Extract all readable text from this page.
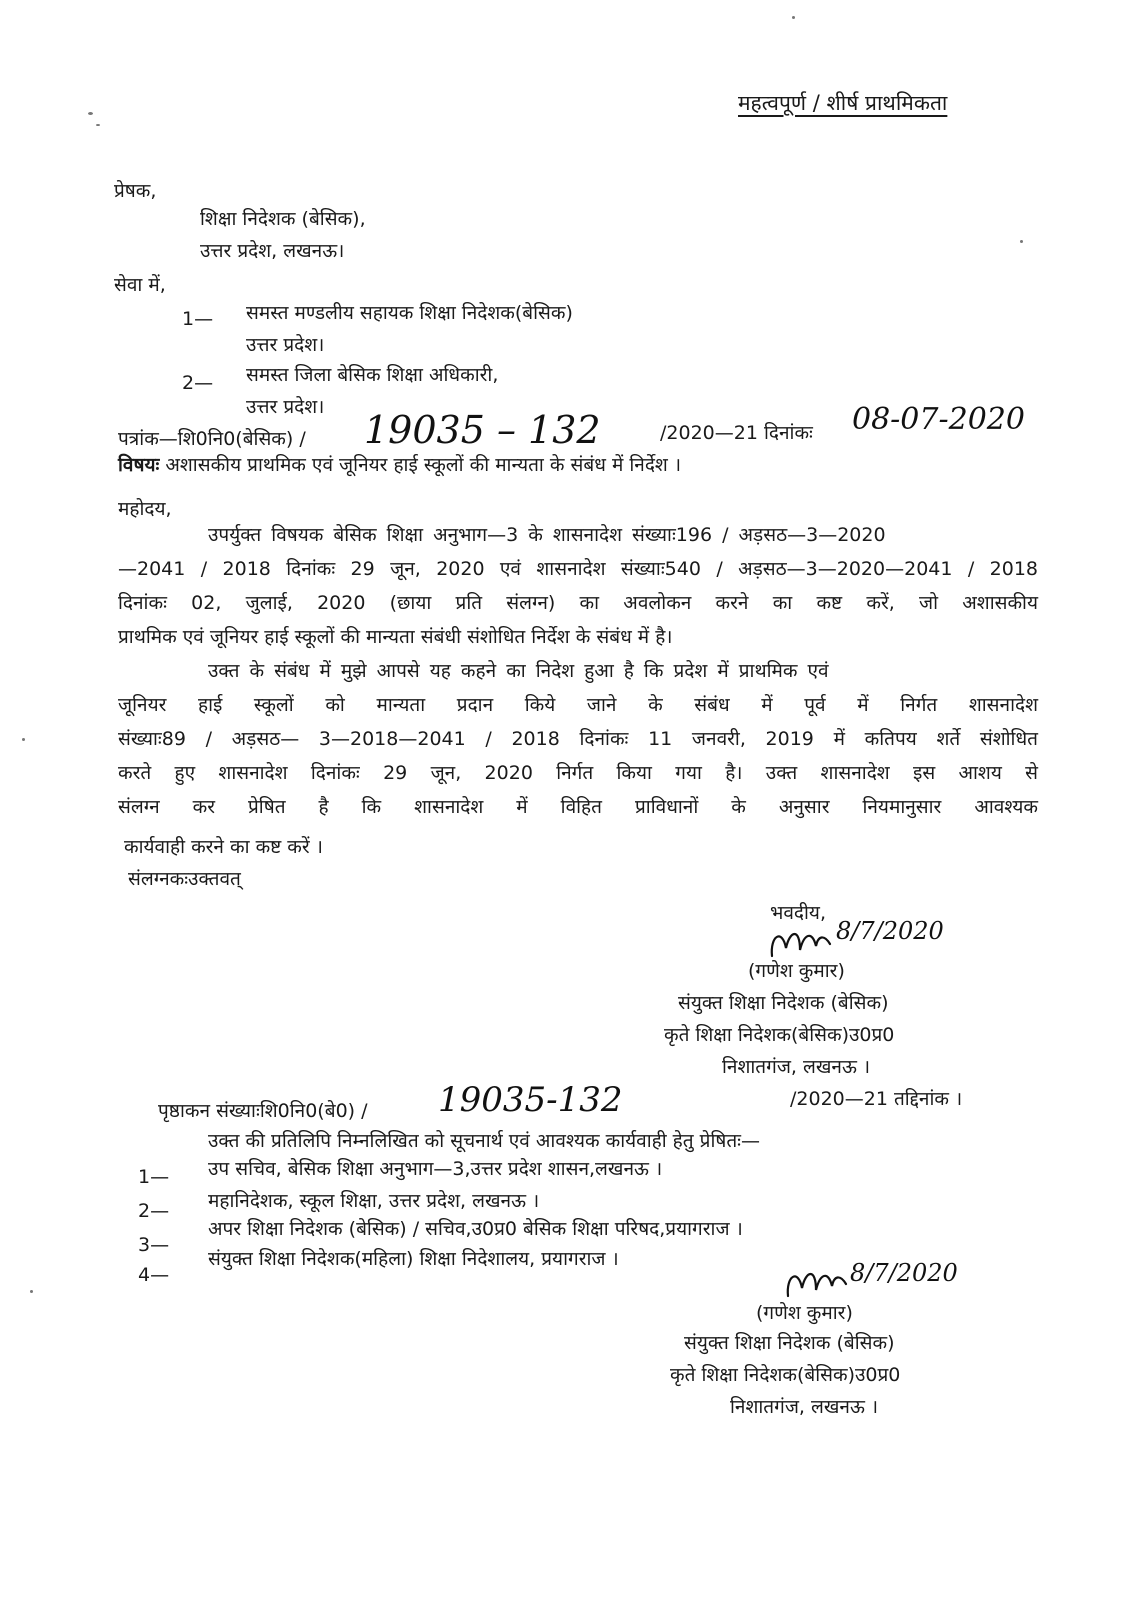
महत्वपूर्ण / शीर्ष प्राथमिकता
प्रेषक,
शिक्षा निदेशक (बेसिक),
उत्तर प्रदेश, लखनऊ।
सेवा में,
1— समस्त मण्डलीय सहायक शिक्षा निदेशक(बेसिक)
उत्तर प्रदेश।
2— समस्त जिला बेसिक शिक्षा अधिकारी,
उत्तर प्रदेश।
पत्रांक—शि0नि0(बेसिक) / 19035 – 132	/2020—21 दिनांकः 08-07-2020
विषयः अशासकीय प्राथमिक एवं जूनियर हाई स्कूलों की मान्यता के संबंध में निर्देश ।
महोदय,
उपर्युक्त विषयक बेसिक शिक्षा अनुभाग—3 के शासनादेश संख्याः196 / अड़सठ—3—2020
—2041 / 2018 दिनांकः 29 जून, 2020 एवं शासनादेश संख्याः540 / अड़सठ—3—2020—2041 / 2018
दिनांकः 02, जुलाई, 2020 (छाया प्रति संलग्न) का अवलोकन करने का कष्ट करें, जो अशासकीय
प्राथमिक एवं जूनियर हाई स्कूलों की मान्यता संबंधी संशोधित निर्देश के संबंध में है।
उक्त के संबंध में मुझे आपसे यह कहने का निदेश हुआ है कि प्रदेश में प्राथमिक एवं
जूनियर हाई स्कूलों को मान्यता प्रदान किये जाने के संबंध में पूर्व में निर्गत शासनादेश
संख्याः89 / अड़सठ— 3—2018—2041 / 2018 दिनांकः 11 जनवरी, 2019 में कतिपय शर्ते संशोधित
करते हुए शासनादेश दिनांकः 29 जून, 2020 निर्गत किया गया है। उक्त शासनादेश इस आशय से
संलग्न कर प्रेषित है कि शासनादेश में विहित प्राविधानों के अनुसार नियमानुसार आवश्यक
कार्यवाही करने का कष्ट करें ।
संलग्नकःउक्तवत्
भवदीय,
8/7/2020
(गणेश कुमार)
संयुक्त शिक्षा निदेशक (बेसिक)
कृते शिक्षा निदेशक(बेसिक)उ0प्र0
निशातगंज, लखनऊ ।
पृष्ठाकन संख्याःशि0नि0(बे0) / 19035-132	/2020—21 तद्दिनांक ।
उक्त की प्रतिलिपि निम्नलिखित को सूचनार्थ एवं आवश्यक कार्यवाही हेतु प्रेषितः—
1— उप सचिव, बेसिक शिक्षा अनुभाग—3,उत्तर प्रदेश शासन,लखनऊ ।
2— महानिदेशक, स्कूल शिक्षा, उत्तर प्रदेश, लखनऊ ।
3—
अपर शिक्षा निदेशक (बेसिक) / सचिव,उ0प्र0 बेसिक शिक्षा परिषद,प्रयागराज ।
4—
संयुक्त शिक्षा निदेशक(महिला) शिक्षा निदेशालय, प्रयागराज ।	8/7/2020
(गणेश कुमार)
संयुक्त शिक्षा निदेशक (बेसिक)
कृते शिक्षा निदेशक(बेसिक)उ0प्र0
निशातगंज, लखनऊ ।
